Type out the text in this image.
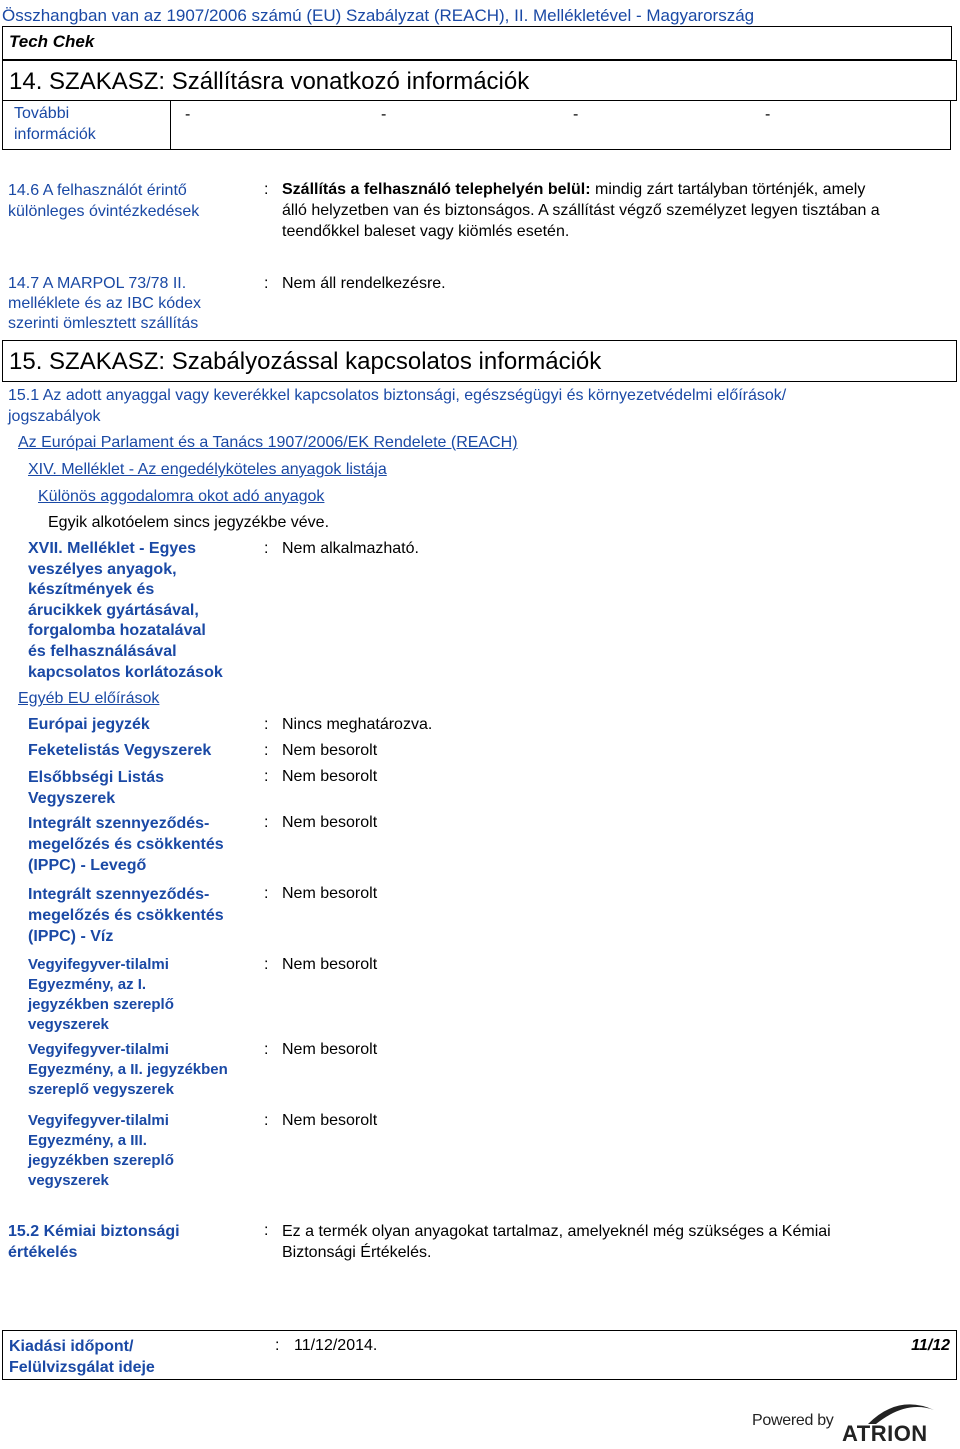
Összhangban van az 1907/2006 számú (EU) Szabályzat (REACH), II. Mellékletével - Magyarország
Tech Chek
14. SZAKASZ: Szállításra vonatkozó információk
További információk
-	-	-	-
14.6 A felhasználót érintő különleges óvintézkedések
: Szállítás a felhasználó telephelyén belül: mindig zárt tartályban történjék, amely
álló helyzetben van és biztonságos. A szállítást végző személyzet legyen tisztában a
teendőkkel baleset vagy kiömlés esetén.
14.7 A MARPOL 73/78 II.
melléklete és az IBC kódex
szerinti ömlesztett szállítás
: Nem áll rendelkezésre.
15. SZAKASZ: Szabályozással kapcsolatos információk
15.1 Az adott anyaggal vagy keverékkel kapcsolatos biztonsági, egészségügyi és környezetvédelmi előírások/
jogszabályok
Az Európai Parlament és a Tanács 1907/2006/EK Rendelete (REACH)
XIV. Melléklet - Az engedélyköteles anyagok listája
Különös aggodalomra okot adó anyagok
Egyik alkotóelem sincs jegyzékbe véve.
XVII. Melléklet - Egyes
veszélyes anyagok,
készítmények és
árucikkek gyártásával,
forgalomba hozatalával
és felhasználásával
kapcsolatos korlátozások
: Nem alkalmazható.
Egyéb EU előírások
Európai jegyzék	: Nincs meghatározva.
Feketelistás Vegyszerek	: Nem besorolt
Elsőbbségi Listás
Vegyszerek
: Nem besorolt
Integrált szennyeződés-
megelőzés és csökkentés
(IPPC) - Levegő
: Nem besorolt
Integrált szennyeződés-
megelőzés és csökkentés
(IPPC) - Víz
: Nem besorolt
Vegyifegyver-tilalmi
Egyezmény, az I.
jegyzékben szereplő
vegyszerek
: Nem besorolt
Vegyifegyver-tilalmi
Egyezmény, a II. jegyzékben
szereplő vegyszerek
: Nem besorolt
Vegyifegyver-tilalmi
Egyezmény, a III.
jegyzékben szereplő
vegyszerek
: Nem besorolt
15.2 Kémiai biztonsági
értékelés
: Ez a termék olyan anyagokat tartalmaz, amelyeknél még szükséges a Kémiai
Biztonsági Értékelés.
Kiadási időpont/
Felülvizsgálat ideje
: 11/12/2014.	11/12
Powered by
ATRION
